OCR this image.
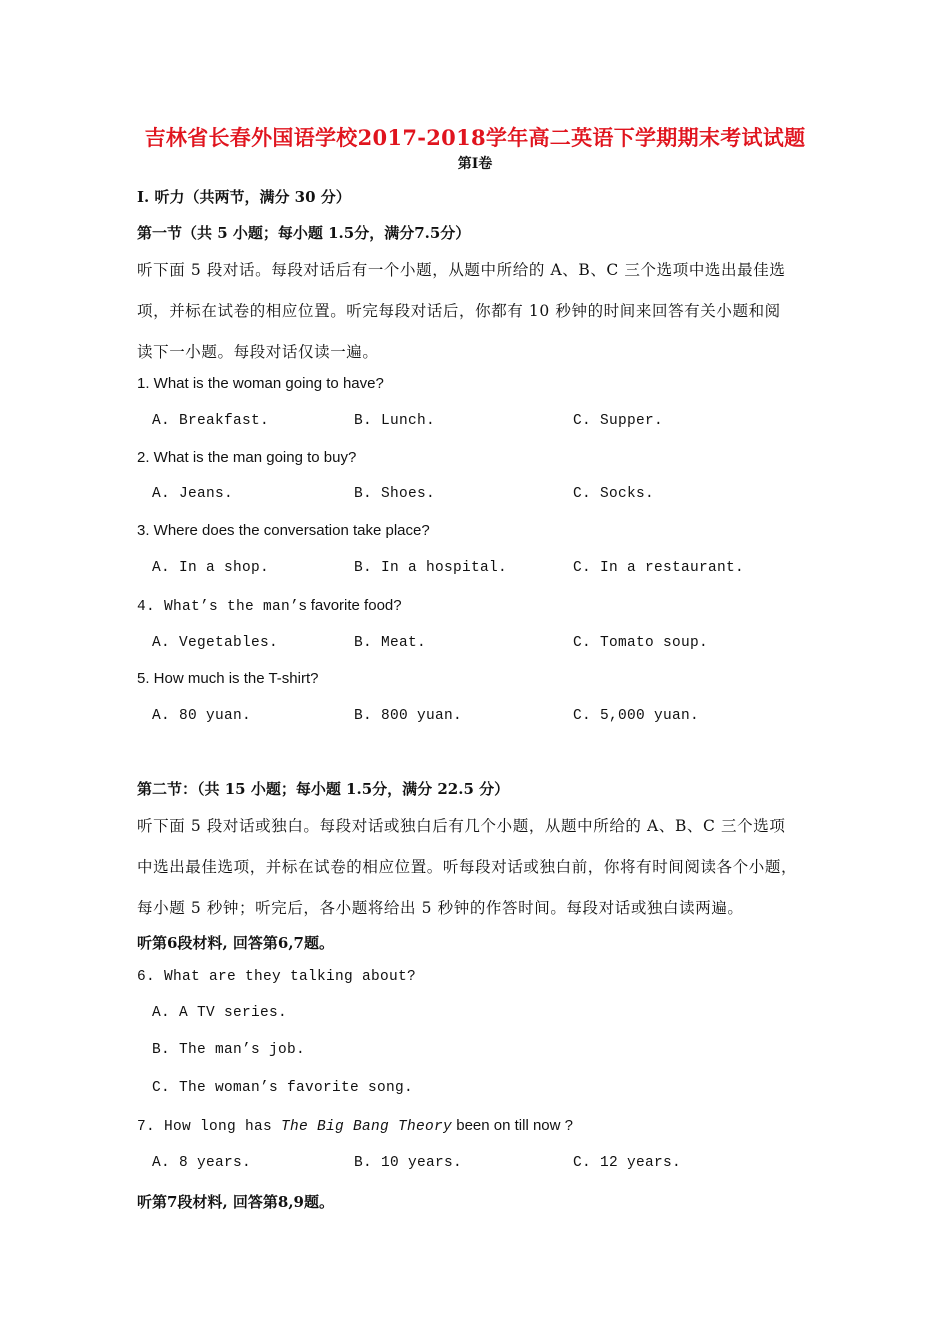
吉林省长春外国语学校2017-2018学年高二英语下学期期末考试试题
第Ⅰ卷
I. 听力（共两节，满分 30 分）
第一节（共 5 小题；每小题 1.5分，满分7.5分）
听下面 5 段对话。每段对话后有一个小题，从题中所给的 A、B、C 三个选项中选出最佳选
项，并标在试卷的相应位置。听完每段对话后，你都有 10 秒钟的时间来回答有关小题和阅
读下一小题。每段对话仅读一遍。
1. What is the woman going to have?
A. Breakfast.	B. Lunch.	C. Supper.
2. What is the man going to buy?
A. Jeans.	B. Shoes.	C. Socks.
3. Where does the conversation take place?
A. In a shop.	B. In a hospital.	C. In a restaurant.
4. What’s the man’s favorite food?
A. Vegetables.	B. Meat.	C. Tomato soup.
5. How much is the T-shirt?
A. 80 yuan.	B. 800 yuan.	C. 5,000 yuan.
第二节：（共 15 小题；每小题 1.5分，满分 22.5 分）
听下面 5 段对话或独白。每段对话或独白后有几个小题，从题中所给的 A、B、C 三个选项
中选出最佳选项，并标在试卷的相应位置。听每段对话或独白前，你将有时间阅读各个小题，
每小题 5 秒钟；听完后，各小题将给出 5 秒钟的作答时间。每段对话或独白读两遍。
听第6段材料, 回答第6,7题。
6. What are they talking about?
A. A TV series.
B. The man’s job.
C. The woman’s favorite song.
7. How long has The Big Bang Theory been on till now ?
A. 8 years.	B. 10 years.	C. 12 years.
听第7段材料, 回答第8,9题。
